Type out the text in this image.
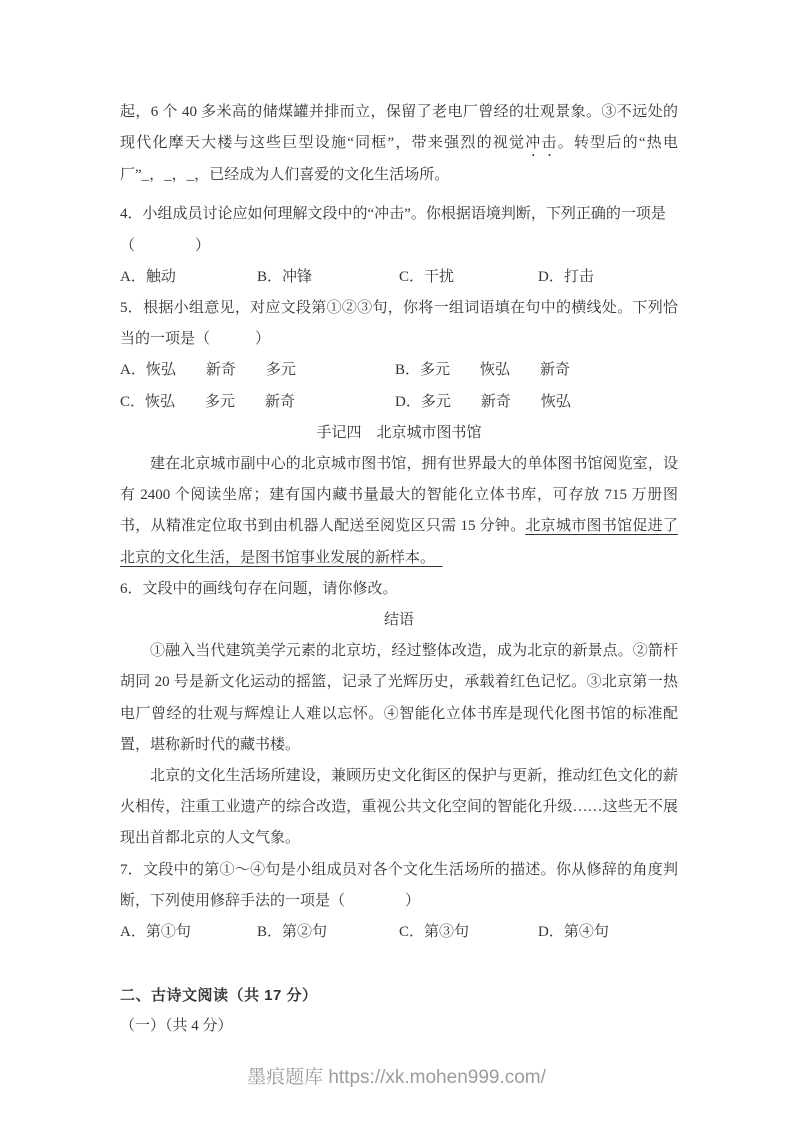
起，6 个 40 多米高的储煤罐并排而立，保留了老电厂曾经的壮观景象。③不远处的现代化摩天大楼与这些巨型设施“同框”，带来强烈的视觉冲击。转型后的“热电厂”_，_，_，已经成为人们喜爱的文化生活场所。

4．小组成员讨论应如何理解文段中的“冲击”。你根据语境判断，下列正确的一项是

（　　　　）

A．触动	B．冲锋	C．干扰	D．打击

5．根据小组意见，对应文段第①②③句，你将一组词语填在句中的横线处。下列恰当的一项是（　　　）

A．恢弘　　新奇　　多元	B．多元　　恢弘　　新奇
C．恢弘　　多元　　新奇	D．多元　　新奇　　恢弘

手记四　北京城市图书馆

建在北京城市副中心的北京城市图书馆，拥有世界最大的单体图书馆阅览室，设有 2400 个阅读坐席；建有国内藏书量最大的智能化立体书库，可存放 715 万册图书，从精准定位取书到由机器人配送至阅览区只需 15 分钟。北京城市图书馆促进了北京的文化生活，是图书馆事业发展的新样本。　

6．文段中的画线句存在问题，请你修改。

结语

①融入当代建筑美学元素的北京坊，经过整体改造，成为北京的新景点。②箭杆胡同 20 号是新文化运动的摇篮，记录了光辉历史，承载着红色记忆。③北京第一热电厂曾经的壮观与辉煌让人难以忘怀。④智能化立体书库是现代化图书馆的标准配置，堪称新时代的藏书楼。

北京的文化生活场所建设，兼顾历史文化街区的保护与更新，推动红色文化的薪火相传，注重工业遗产的综合改造，重视公共文化空间的智能化升级……这些无不展现出首都北京的人文气象。

7．文段中的第①～④句是小组成员对各个文化生活场所的描述。你从修辞的角度判断，下列使用修辞手法的一项是（　　　　）

A．第①句	B．第②句	C．第③句	D．第④句

二、古诗文阅读（共 17 分）

（一）（共 4 分）

墨痕题库 https://xk.mohen999.com/
